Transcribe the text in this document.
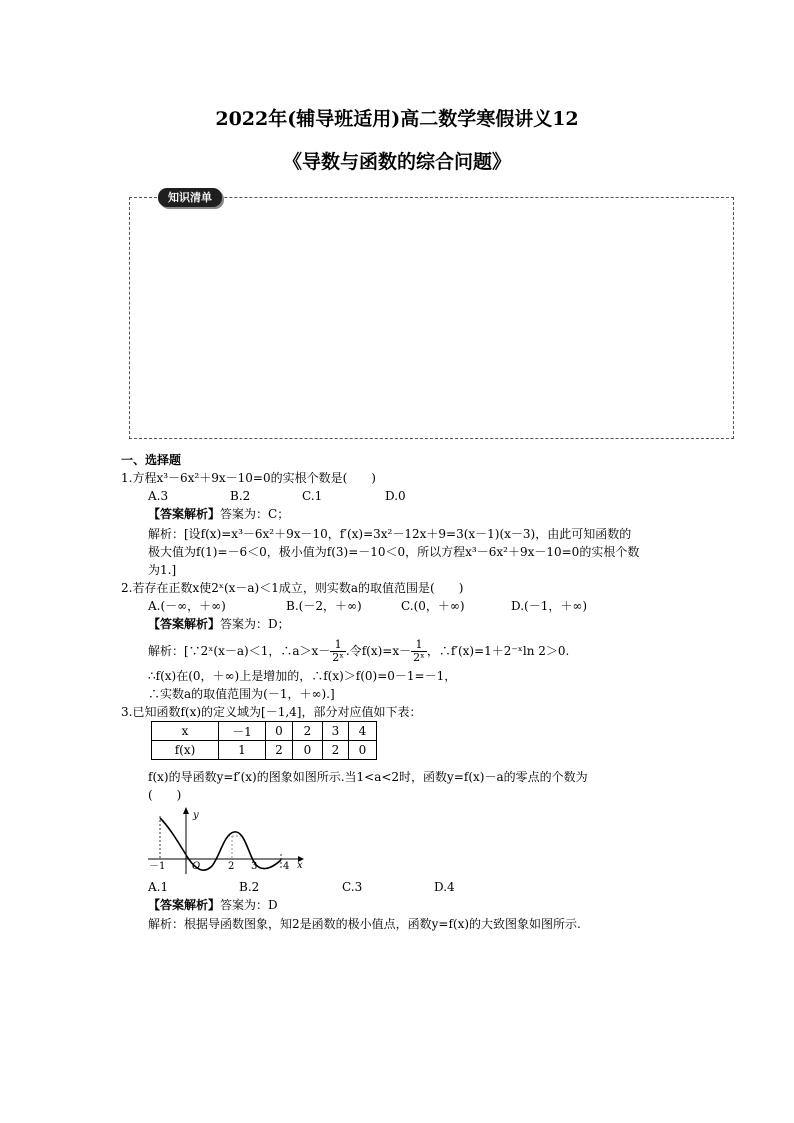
2022年(辅导班适用)高二数学寒假讲义12
《导数与函数的综合问题》
知识清单
一、选择题
1.方程x³－6x²＋9x－10=0的实根个数是(　　)
A.3	B.2	C.1	D.0
【答案解析】答案为：C；
解析：[设f(x)=x³－6x²＋9x－10，f′(x)=3x²－12x＋9=3(x－1)(x－3)，由此可知函数的
极大值为f(1)=－6＜0，极小值为f(3)=－10＜0，所以方程x³－6x²＋9x－10=0的实根个数
为1.]
2.若存在正数x使2ˣ(x－a)＜1成立，则实数a的取值范围是(　　)
A.(－∞，＋∞)	B.(－2，＋∞)	C.(0，＋∞)	D.(－1，＋∞)
【答案解析】答案为：D；
解析：[∵2ˣ(x－a)＜1，∴a＞x－ $\frac{1}{\text{2ˣ}}$ .令$f(x)=x- \frac{1}{\text{2ˣ}}$ ，∴f′(x)=1＋2⁻ˣln 2＞0.
∴f(x)在(0，＋∞)上是增加的，∴f(x)＞f(0)=0－1=－1，
∴实数a的取值范围为(－1，＋∞).]
3.已知函数f(x)的定义域为[－1,4]，部分对应值如下表：
x	－1	0	2	3	4
f(x)	1	2	0	2	0
f(x)的导函数y=f′(x)的图象如图所示.当1<a<2时，函数y=f(x)－a的零点的个数为
(　　)
y
x
O
－1	2 3	4
A.1	B.2	C.3	D.4
【答案解析】答案为：D
解析：根据导函数图象，知2是函数的极小值点，函数y=f(x)的大致图象如图所示.
